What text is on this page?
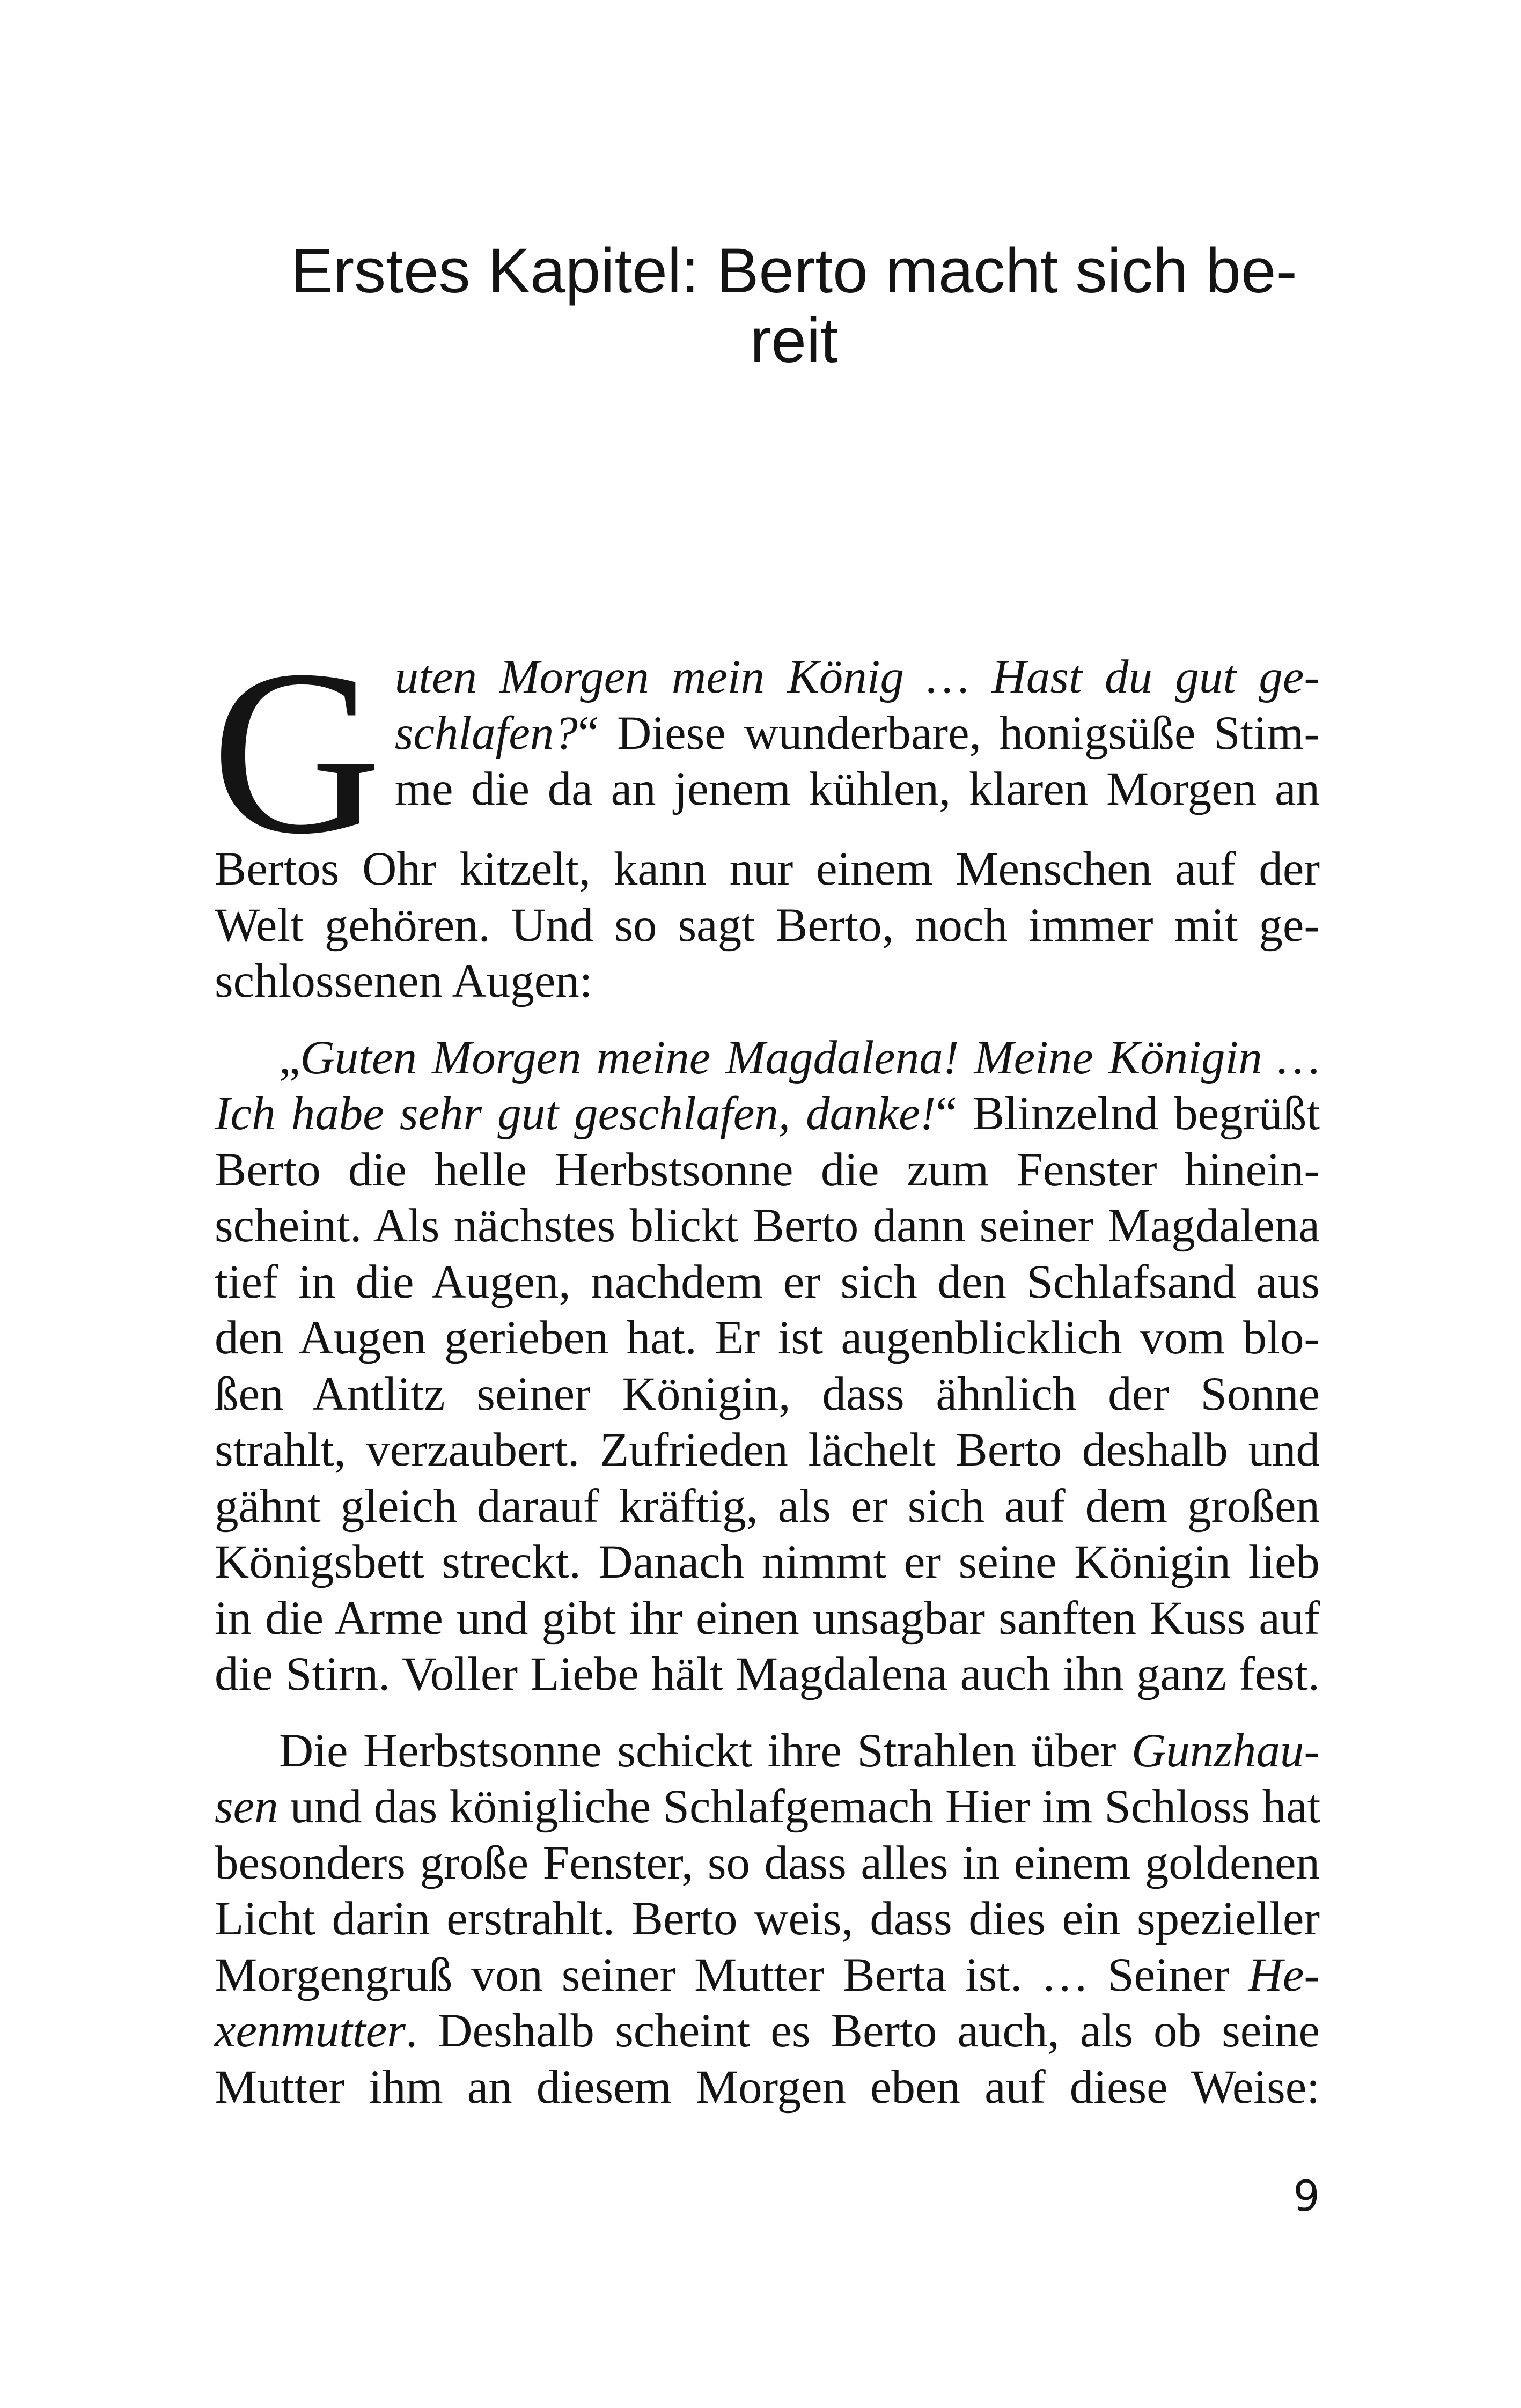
Erstes Kapitel: Berto macht sich be-
reit
G uten Morgen mein König … Hast du gut ge-
schlafen?“ Diese wunderbare, honigsüße Stim-
me die da an jenem kühlen, klaren Morgen an
Bertos Ohr kitzelt, kann nur einem Menschen auf der
Welt gehören. Und so sagt Berto, noch immer mit ge-
schlossenen Augen:
„Guten Morgen meine Magdalena! Meine Königin …
Ich habe sehr gut geschlafen, danke!“ Blinzelnd begrüßt
Berto die helle Herbstsonne die zum Fenster hinein-
scheint. Als nächstes blickt Berto dann seiner Magdalena
tief in die Augen, nachdem er sich den Schlafsand aus
den Augen gerieben hat. Er ist augenblicklich vom blo-
ßen Antlitz seiner Königin, dass ähnlich der Sonne
strahlt, verzaubert. Zufrieden lächelt Berto deshalb und
gähnt gleich darauf kräftig, als er sich auf dem großen
Königsbett streckt. Danach nimmt er seine Königin lieb
in die Arme und gibt ihr einen unsagbar sanften Kuss auf
die Stirn. Voller Liebe hält Magdalena auch ihn ganz fest.
Die Herbstsonne schickt ihre Strahlen über Gunzhau-
sen und das königliche Schlafgemach Hier im Schloss hat
besonders große Fenster, so dass alles in einem goldenen
Licht darin erstrahlt. Berto weis, dass dies ein spezieller
Morgengruß von seiner Mutter Berta ist. … Seiner He-
xenmutter. Deshalb scheint es Berto auch, als ob seine
Mutter ihm an diesem Morgen eben auf diese Weise:
9
